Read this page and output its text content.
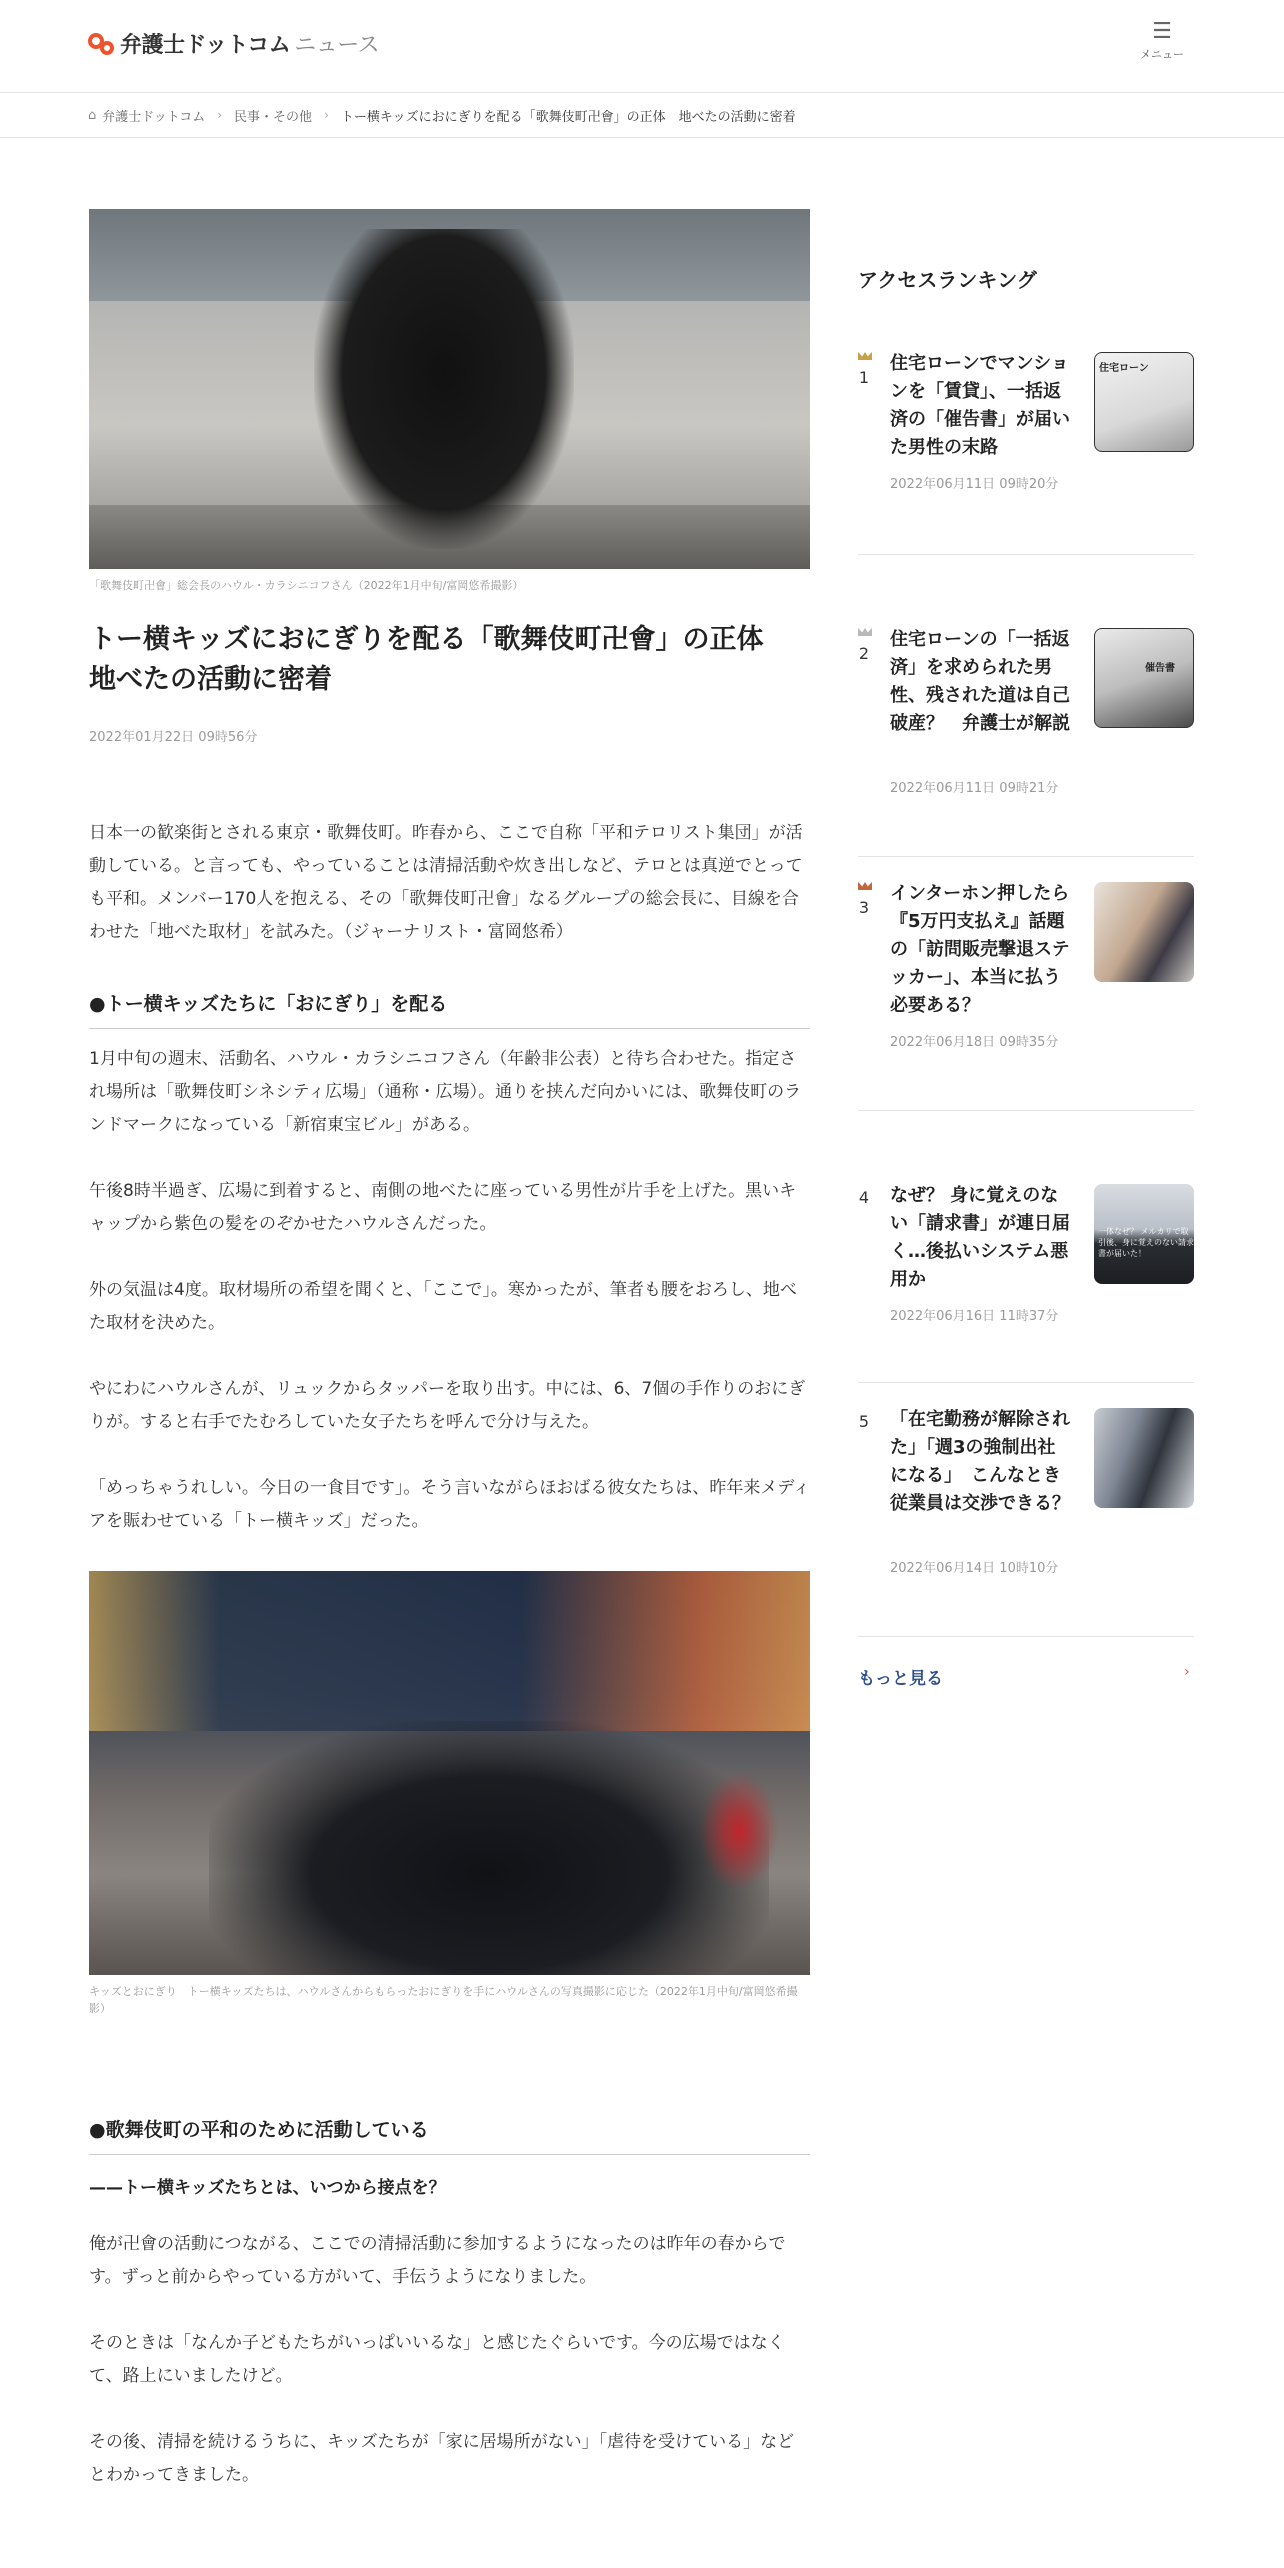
弁護士ドットコム ニュース
☰
メニュー
⌂ 弁護士ドットコム › 民事・その他 › トー横キッズにおにぎりを配る「歌舞伎町卍會」の正体　地べたの活動に密着
「歌舞伎町卍會」総会長のハウル・カラシニコフさん（2022年1月中旬/富岡悠希撮影）
トー横キッズにおにぎりを配る「歌舞伎町卍會」の正体　地べたの活動に密着
2022年01月22日 09時56分

日本一の歓楽街とされる東京・歌舞伎町。昨春から、ここで自称「平和テロリスト集団」が活動している。と言っても、やっていることは清掃活動や炊き出しなど、テロとは真逆でとっても平和。メンバー170人を抱える、その「歌舞伎町卍會」なるグループの総会長に、目線を合わせた「地べた取材」を試みた。（ジャーナリスト・富岡悠希）

●トー横キッズたちに「おにぎり」を配る

1月中旬の週末、活動名、ハウル・カラシニコフさん（年齢非公表）と待ち合わせた。指定され場所は「歌舞伎町シネシティ広場」（通称・広場）。通りを挟んだ向かいには、歌舞伎町のランドマークになっている「新宿東宝ビル」がある。

午後8時半過ぎ、広場に到着すると、南側の地べたに座っている男性が片手を上げた。黒いキャップから紫色の髪をのぞかせたハウルさんだった。

外の気温は4度。取材場所の希望を聞くと、「ここで」。寒かったが、筆者も腰をおろし、地べた取材を決めた。

やにわにハウルさんが、リュックからタッパーを取り出す。中には、6、7個の手作りのおにぎりが。すると右手でたむろしていた女子たちを呼んで分け与えた。

「めっちゃうれしい。今日の一食目です」。そう言いながらほおばる彼女たちは、昨年来メディアを賑わせている「トー横キッズ」だった。

キッズとおにぎり　トー横キッズたちは、ハウルさんからもらったおにぎりを手にハウルさんの写真撮影に応じた（2022年1月中旬/富岡悠希撮影）
●歌舞伎町の平和のために活動している

——トー横キッズたちとは、いつから接点を？

俺が卍會の活動につながる、ここでの清掃活動に参加するようになったのは昨年の春からです。ずっと前からやっている方がいて、手伝うようになりました。

そのときは「なんか子どもたちがいっぱいいるな」と感じたぐらいです。今の広場ではなくて、路上にいましたけど。

その後、清掃を続けるうちに、キッズたちが「家に居場所がない」「虐待を受けている」などとわかってきました。

アクセスランキング
1
住宅ローンでマンションを「賃貸」、一括返済の「催告書」が届いた男性の末路
2022年06月11日 09時20分
住宅ローン
2
住宅ローンの「一括返済」を求められた男性、残された道は自己破産？　弁護士が解説
2022年06月11日 09時21分
催告書
3
インターホン押したら『5万円支払え』話題の「訪問販売撃退ステッカー」、本当に払う必要ある？
2022年06月18日 09時35分
4 なぜ？ 身に覚えのない「請求書」が連日届く…後払いシステム悪用か
2022年06月16日 11時37分
一体なぜ？ メルカリで取引後、身に覚えのない請求書が届いた！
5 「在宅勤務が解除された」「週3の強制出社になる」　こんなとき従業員は交渉できる？
2022年06月14日 10時10分
もっと見る	›
